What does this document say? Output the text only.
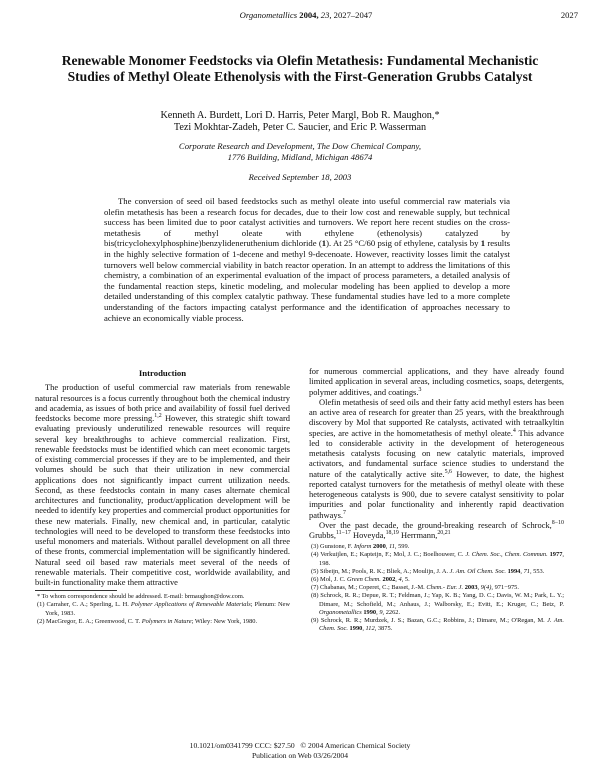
Organometallics 2004, 23, 2027–2047	2027
Renewable Monomer Feedstocks via Olefin Metathesis: Fundamental Mechanistic Studies of Methyl Oleate Ethenolysis with the First-Generation Grubbs Catalyst
Kenneth A. Burdett, Lori D. Harris, Peter Margl, Bob R. Maughon,*
Tezi Mokhtar-Zadeh, Peter C. Saucier, and Eric P. Wasserman
Corporate Research and Development, The Dow Chemical Company,
1776 Building, Midland, Michigan 48674
Received September 18, 2003

The conversion of seed oil based feedstocks such as methyl oleate into useful commercial raw materials via olefin metathesis has been a research focus for decades, due to their low cost and renewable supply, but technical success has been limited due to poor catalyst activities and turnovers. We report here recent studies on the cross-metathesis of methyl oleate with ethylene (ethenolysis) catalyzed by bis(tricyclohexylphosphine)benzylideneruthenium dichloride (1). At 25 °C/60 psig of ethylene, catalysis by 1 results in the highly selective formation of 1-decene and methyl 9-decenoate. However, reactivity losses limit the catalyst turnovers well below commercial viability in batch reactor operation. In an attempt to address the limitations of this chemistry, a combination of an experimental evaluation of the impact of process parameters, a detailed analysis of the fundamental reaction steps, kinetic modeling, and molecular modeling has been applied to develop a more detailed understanding of this complex catalytic pathway. These fundamental studies have led to a more complete understanding of the factors impacting catalyst performance and the identification of approaches necessary to achieve an economically viable process.

Introduction

The production of useful commercial raw materials from renewable natural resources is a focus currently throughout both the chemical industry and academia, as issues of both price and availability of fossil fuel derived feedstocks become more pressing.$^{1,2}$ However, this strategic shift toward evaluating previously underutilized renewable resources will require several key breakthroughs to achieve commercial realization. First, renewable feedstocks must be identified which can meet economic targets of existing commercial processes if they are to be implemented, and their volumes should be such that their utilization in new commercial applications does not significantly impact current utilization needs. Second, as these feedstocks contain in many cases alternate chemical architectures and functionality, product/application development will be needed to identify key properties and commercial product opportunities for these new materials. Finally, new chemical and, in particular, catalytic technologies will need to be developed to transform these feedstocks into useful monomers and materials. Without parallel development on all three of these fronts, commercial implementation will be significantly hindered. Natural seed oil based raw materials meet several of the needs of renewable materials. Their competitive cost, worldwide availability, and built-in functionality make them attractive

* To whom correspondence should be addressed. E-mail: brmaughon@dow.com.

(1) Carraher, C. A.; Sperling, L. H. Polymer Applications of Renewable Materials; Plenum: New York, 1983.

(2) MacGregor, E. A.; Greenwood, C. T. Polymers in Nature; Wiley: New York, 1980.

for numerous commercial applications, and they have already found limited application in several areas, including cosmetics, soaps, detergents, polymer additives, and coatings.$^3$

Olefin metathesis of seed oils and their fatty acid methyl esters has been an active area of research for greater than 25 years, with the breakthrough discovery by Mol that supported Re catalysts, activated with tetraalkyltin species, are active in the homometathesis of methyl oleate.$^4$ This advance led to considerable activity in the development of heterogeneous metathesis catalysts focusing on new catalytic materials, improved activators, and fundamental surface science studies to understand the nature of the catalytically active site.$^{5,6}$ However, to date, the highest reported catalyst turnovers for the metathesis of methyl oleate with these heterogeneous catalysts is 900, due to severe catalyst sensitivity to polar impurities and polar functionality and inherently rapid deactivation pathways.$^7$

Over the past decade, the ground-breaking research of Schrock,$^{8-10}$ Grubbs,$^{11-17}$ Hoveyda,$^{18,19}$ Herrmann,$^{20,21}$

(3) Gunstone, F. Inform 2000, 11, 599.

(4) Verkuijlen, E.; Kapteijn, F.; Mol, J. C.; Boelhouwer, C. J. Chem. Soc., Chem. Commun. 1977, 198.

(5) Sibeijn, M.; Pools, R. K.; Bliek, A.; Moulijn, J. A. J. Am. Oil Chem. Soc. 1994, 71, 553.

(6) Mol, J. C. Green Chem. 2002, 4, 5.

(7) Chabanas, M.; Coperet, C.; Basset, J.-M. Chem.- Eur. J. 2003, 9(4), 971−975.

(8) Schrock, R. R.; Depue, R. T.; Feldman, J.; Yap, K. B.; Yang, D. C.; Davis, W. M.; Park, L. Y.; Dimare, M.; Schofield, M.; Anhaus, J.; Walborsky, E.; Evitt, E.; Kruger, C.; Betz, P. Organometallics 1990, 9, 2262.

(9) Schrock, R. R.; Murdzek, J. S.; Bazan, G.C.; Robbins, J.; Dimare, M.; O'Regan, M. J. Am. Chem. Soc. 1990, 112, 3875.

10.1021/om0341799 CCC: $27.50   © 2004 American Chemical Society
Publication on Web 03/26/2004
